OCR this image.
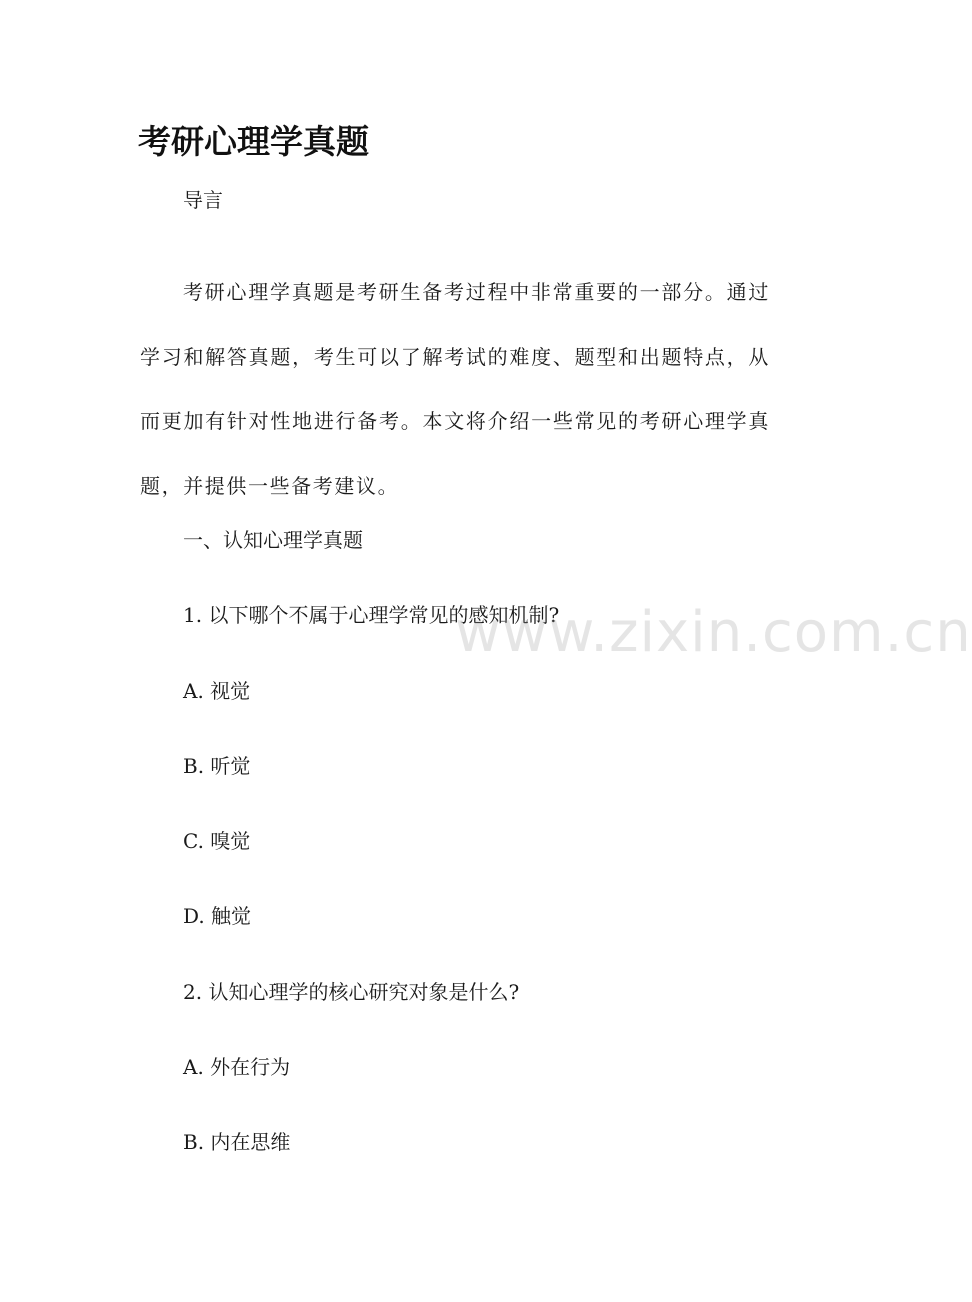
考研心理学真题

导言

考研心理学真题是考研生备考过程中非常重要的一部分。通过学习和解答真题，考生可以了解考试的难度、题型和出题特点，从而更加有针对性地进行备考。本文将介绍一些常见的考研心理学真题，并提供一些备考建议。

一、认知心理学真题

1. 以下哪个不属于心理学常见的感知机制?

A. 视觉

B. 听觉

C. 嗅觉

D. 触觉

2. 认知心理学的核心研究对象是什么?

A. 外在行为

B. 内在思维

www.zixin.com.cn
